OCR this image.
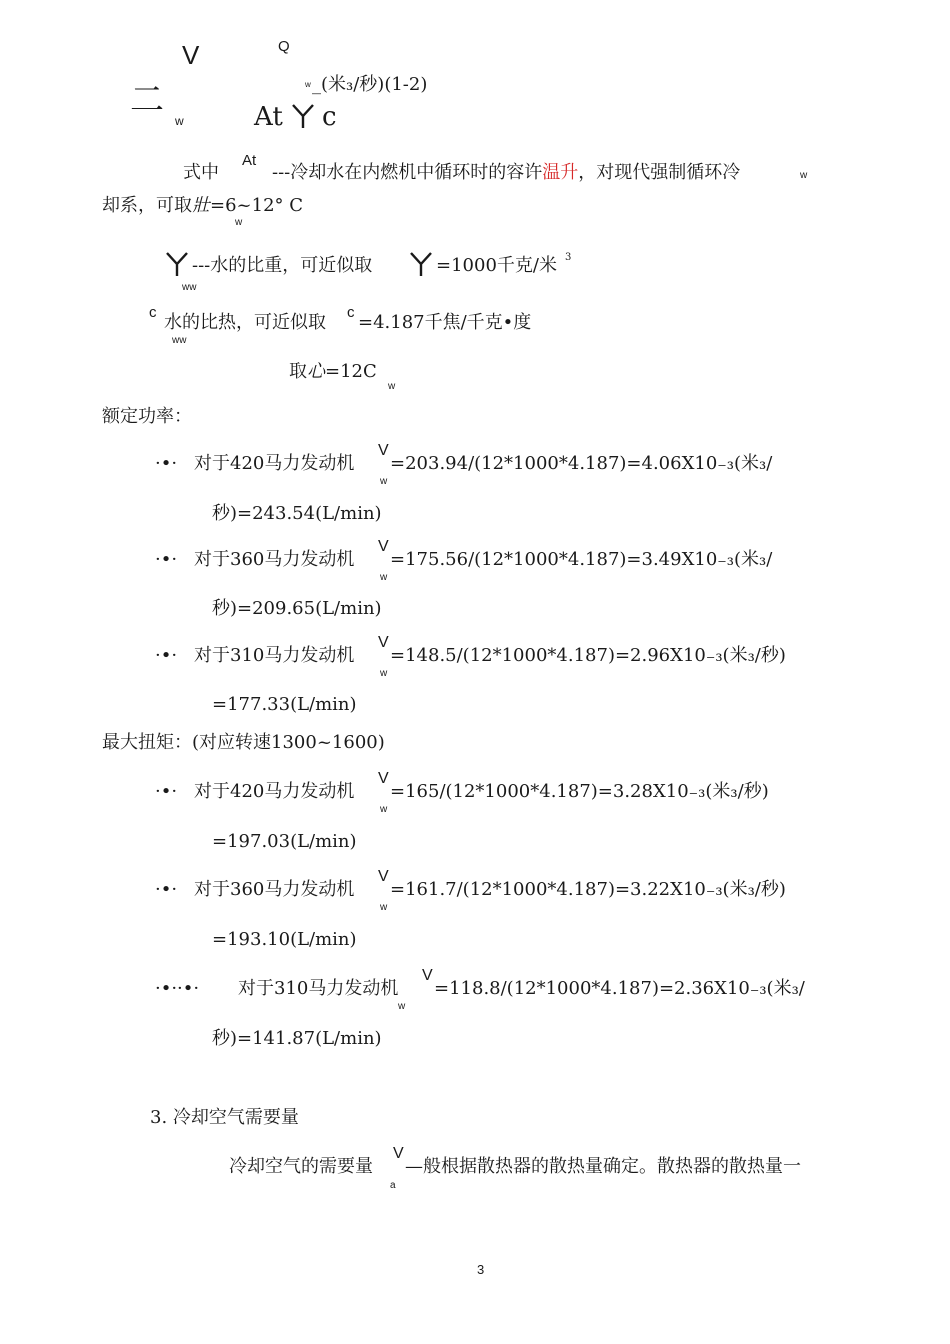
二
V	Q
w _(米₃/秒)(1-2)
w	At c
式中
At
---冷却水在内燃机中循环时的容许温升，对现代强制循环冷	w
却系，可取壯=6~12° C
w
---水的比重，可近似取	=1000千克/米 3
ww
c 水的比热，可近似取 c =4.187千焦/千克•度
ww
取心=12C
w
额定功率：
·•· 对于420马力发动机
V
w
=203.94/(12*1000*4.187)=4.06X10₋₃(米₃/
秒)=243.54(L/min)
·•· 对于360马力发动机
V
w
=175.56/(12*1000*4.187)=3.49X10₋₃(米₃/
秒)=209.65(L/min)
·•· 对于310马力发动机
V
w
=148.5/(12*1000*4.187)=2.96X10₋₃(米₃/秒)
=177.33(L/min)
最大扭矩：(对应转速1300~1600)
·•· 对于420马力发动机
V
w
=165/(12*1000*4.187)=3.28X10₋₃(米₃/秒)
=197.03(L/min)
·•· 对于360马力发动机
V
w
=161.7/(12*1000*4.187)=3.22X10₋₃(米₃/秒)
=193.10(L/min)
·•··•· 对于310马力发动机
V
w
=118.8/(12*1000*4.187)=2.36X10₋₃(米₃/
秒)=141.87(L/min)
3. 冷却空气需要量
冷却空气的需要量
V
a
—般根据散热器的散热量确定。散热器的散热量一
3
